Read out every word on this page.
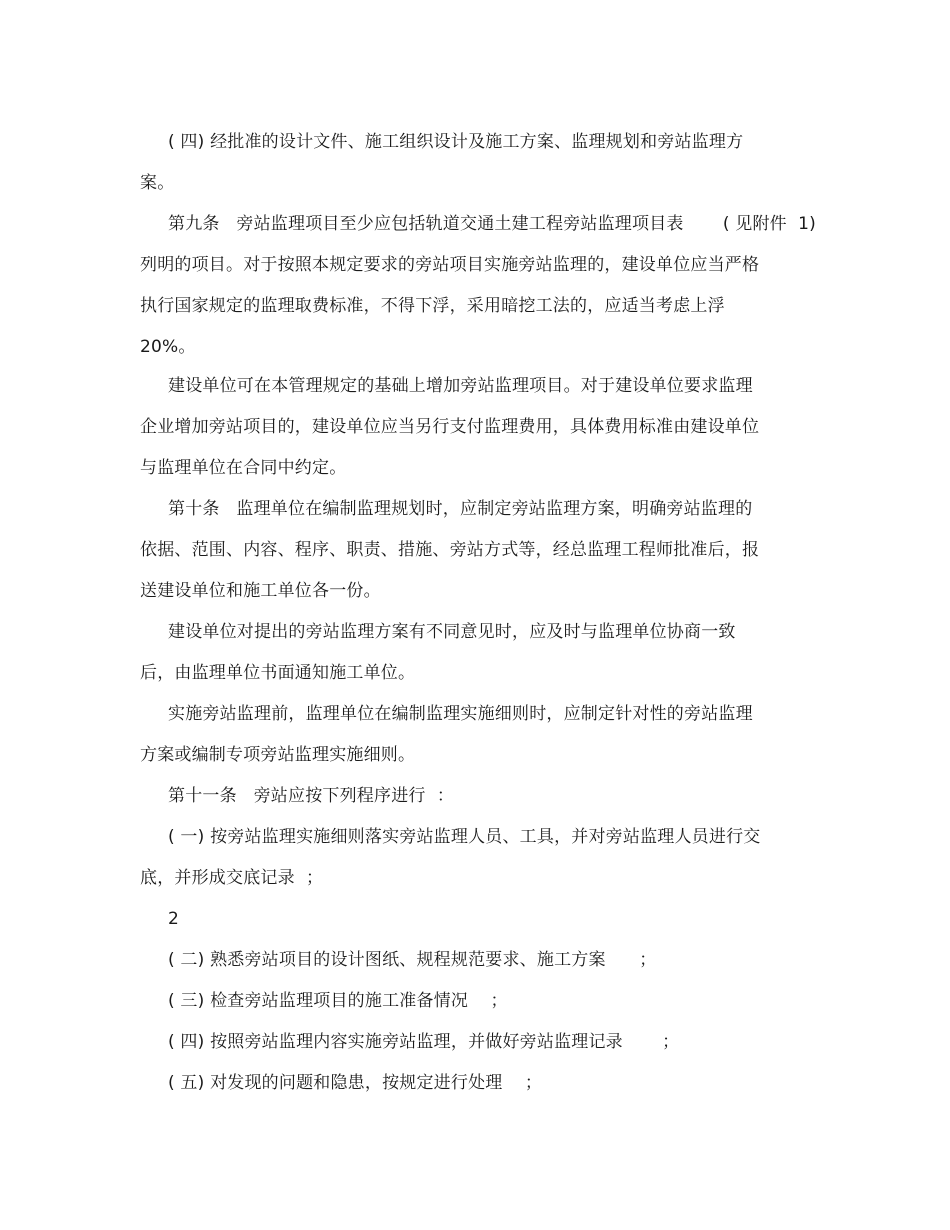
( 四) 经批准的设计文件、施工组织设计及施工方案、监理规划和旁站监理方
案。
第九条   旁站监理项目至少应包括轨道交通土建工程旁站监理项目表       ( 见附件  1)
列明的项目。对于按照本规定要求的旁站项目实施旁站监理的，建设单位应当严格
执行国家规定的监理取费标准，不得下浮，采用暗挖工法的，应适当考虑上浮
20%。
建设单位可在本管理规定的基础上增加旁站监理项目。对于建设单位要求监理
企业增加旁站项目的，建设单位应当另行支付监理费用，具体费用标准由建设单位
与监理单位在合同中约定。
第十条   监理单位在编制监理规划时，应制定旁站监理方案，明确旁站监理的
依据、范围、内容、程序、职责、措施、旁站方式等，经总监理工程师批准后，报
送建设单位和施工单位各一份。
建设单位对提出的旁站监理方案有不同意见时，应及时与监理单位协商一致
后，由监理单位书面通知施工单位。
实施旁站监理前，监理单位在编制监理实施细则时，应制定针对性的旁站监理
方案或编制专项旁站监理实施细则。
第十一条   旁站应按下列程序进行  ：
( 一) 按旁站监理实施细则落实旁站监理人员、工具，并对旁站监理人员进行交
底，并形成交底记录  ；
2
( 二) 熟悉旁站项目的设计图纸、规程规范要求、施工方案      ；
( 三) 检查旁站监理项目的施工准备情况    ；
( 四) 按照旁站监理内容实施旁站监理，并做好旁站监理记录       ；
( 五) 对发现的问题和隐患，按规定进行处理    ；
